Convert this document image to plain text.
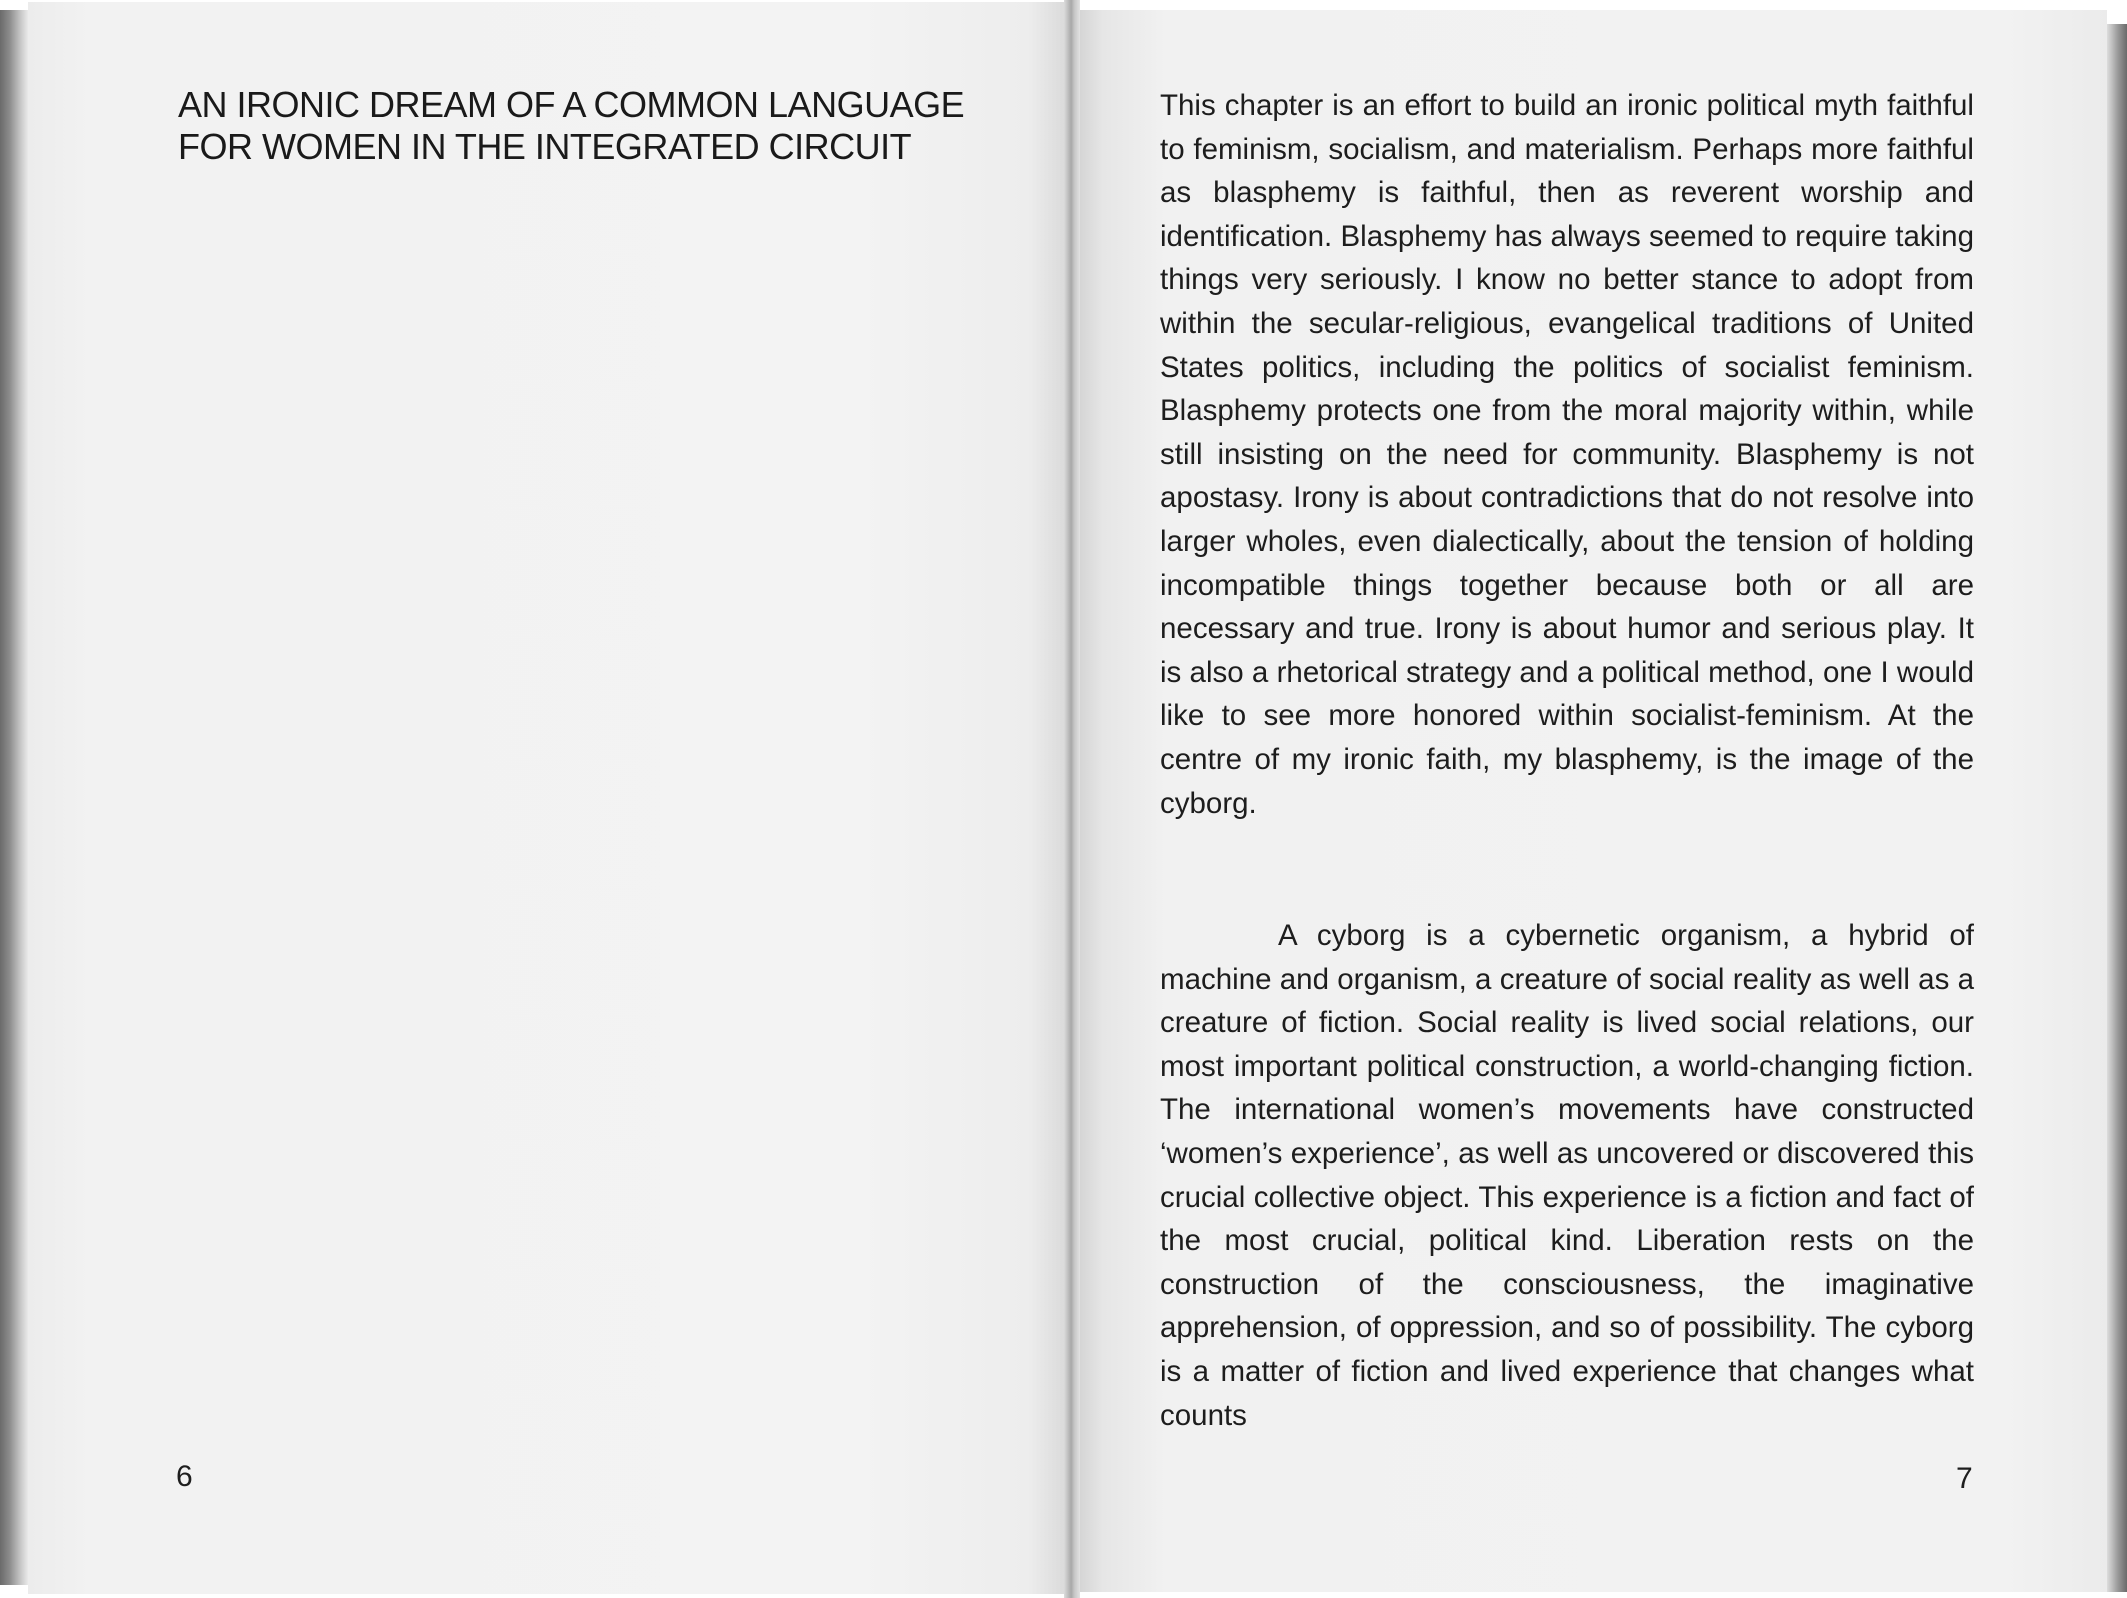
AN IRONIC DREAM OF A COMMON LANGUAGE
FOR WOMEN IN THE INTEGRATED CIRCUIT
6
This chapter is an effort to build an ironic political myth faithful to feminism, socialism, and materialism. Perhaps more faithful as blasphemy is faithful, then as reverent worship and identification. Blasphemy has always seemed to require taking things very seriously. I know no better stance to adopt from within the secular-religious, evangelical traditions of United States politics, including the politics of socialist feminism. Blasphemy protects one from the moral majority within, while still insisting on the need for community. Blasphemy is not apostasy. Irony is about contradictions that do not resolve into larger wholes, even dialectically, about the tension of holding incompatible things together because both or all are necessary and true. Irony is about humor and serious play. It is also a rhetorical strategy and a political method, one I would like to see more honored within socialist-feminism. At the centre of my ironic faith, my blasphemy, is the image of the cyborg.
A cyborg is a cybernetic organism, a hybrid of machine and organism, a creature of social reality as well as a creature of fiction. Social reality is lived social relations, our most important political construction, a world-changing fiction. The international women’s movements have constructed ‘women’s experience’, as well as uncovered or discovered this crucial collective object. This experience is a fiction and fact of the most crucial, political kind. Liberation rests on the construction of the consciousness, the imaginative apprehension, of oppression, and so of possibility. The cyborg is a matter of fiction and lived experience that changes what counts
7
